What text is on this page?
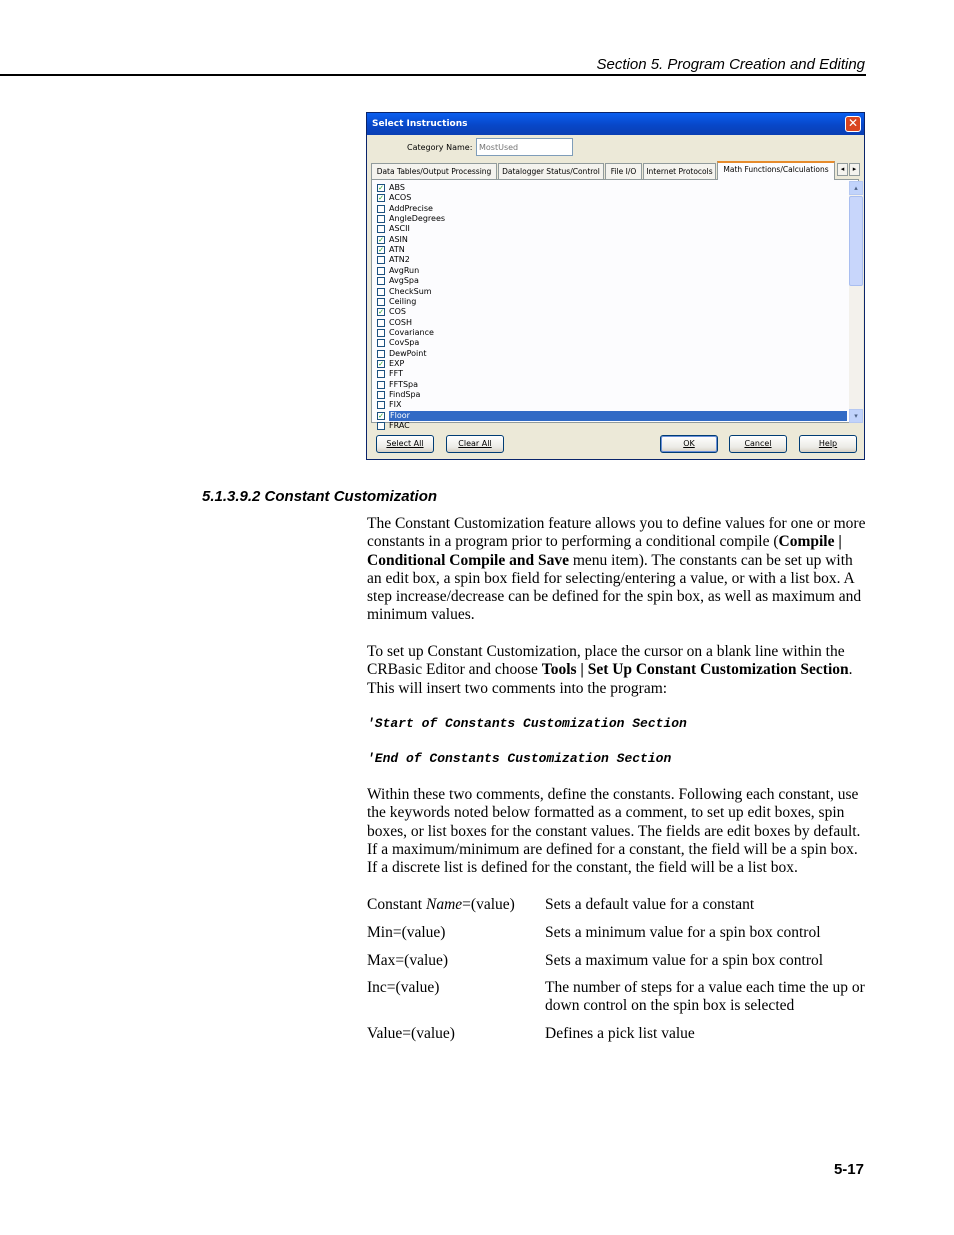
Section 5. Program Creation and Editing
Select Instructions	✕
Category Name:
MostUsed
Data Tables/Output Processing	Datalogger Status/Control	File I/O	Internet Protocols	Math Functions/Calculations	◂	▸
✓ ABS
✓ ACOS
AddPrecise
AngleDegrees
ASCII
✓ ASIN
✓ ATN
ATN2
AvgRun
AvgSpa
CheckSum
Ceiling
✓ COS
COSH
Covariance
CovSpa
DewPoint
✓ EXP
FFT
FFTSpa
FindSpa
FIX
✓ Floor
FRAC
▴
▾
Select All	Clear All	OK	Cancel	Help
5.1.3.9.2 Constant Customization

The Constant Customization feature allows you to define values for one or more constants in a program prior to performing a conditional compile (Compile | Conditional Compile and Save menu item). The constants can be set up with an edit box, a spin box field for selecting/entering a value, or with a list box. A step increase/decrease can be defined for the spin box, as well as maximum and minimum values.

To set up Constant Customization, place the cursor on a blank line within the CRBasic Editor and choose Tools | Set Up Constant Customization Section. This will insert two comments into the program:

'Start of Constants Customization Section
'End of Constants Customization Section

Within these two comments, define the constants. Following each constant, use the keywords noted below formatted as a comment, to set up edit boxes, spin boxes, or list boxes for the constant values. The fields are edit boxes by default. If a maximum/minimum are defined for a constant, the field will be a spin box. If a discrete list is defined for the constant, the field will be a list box.

Constant Name=(value) Sets a default value for a constant
Min=(value)	Sets a minimum value for a spin box control
Max=(value)	Sets a maximum value for a spin box control
Inc=(value)	The number of steps for a value each time the up or down control on the spin box is selected
Value=(value)	Defines a pick list value
5-17
